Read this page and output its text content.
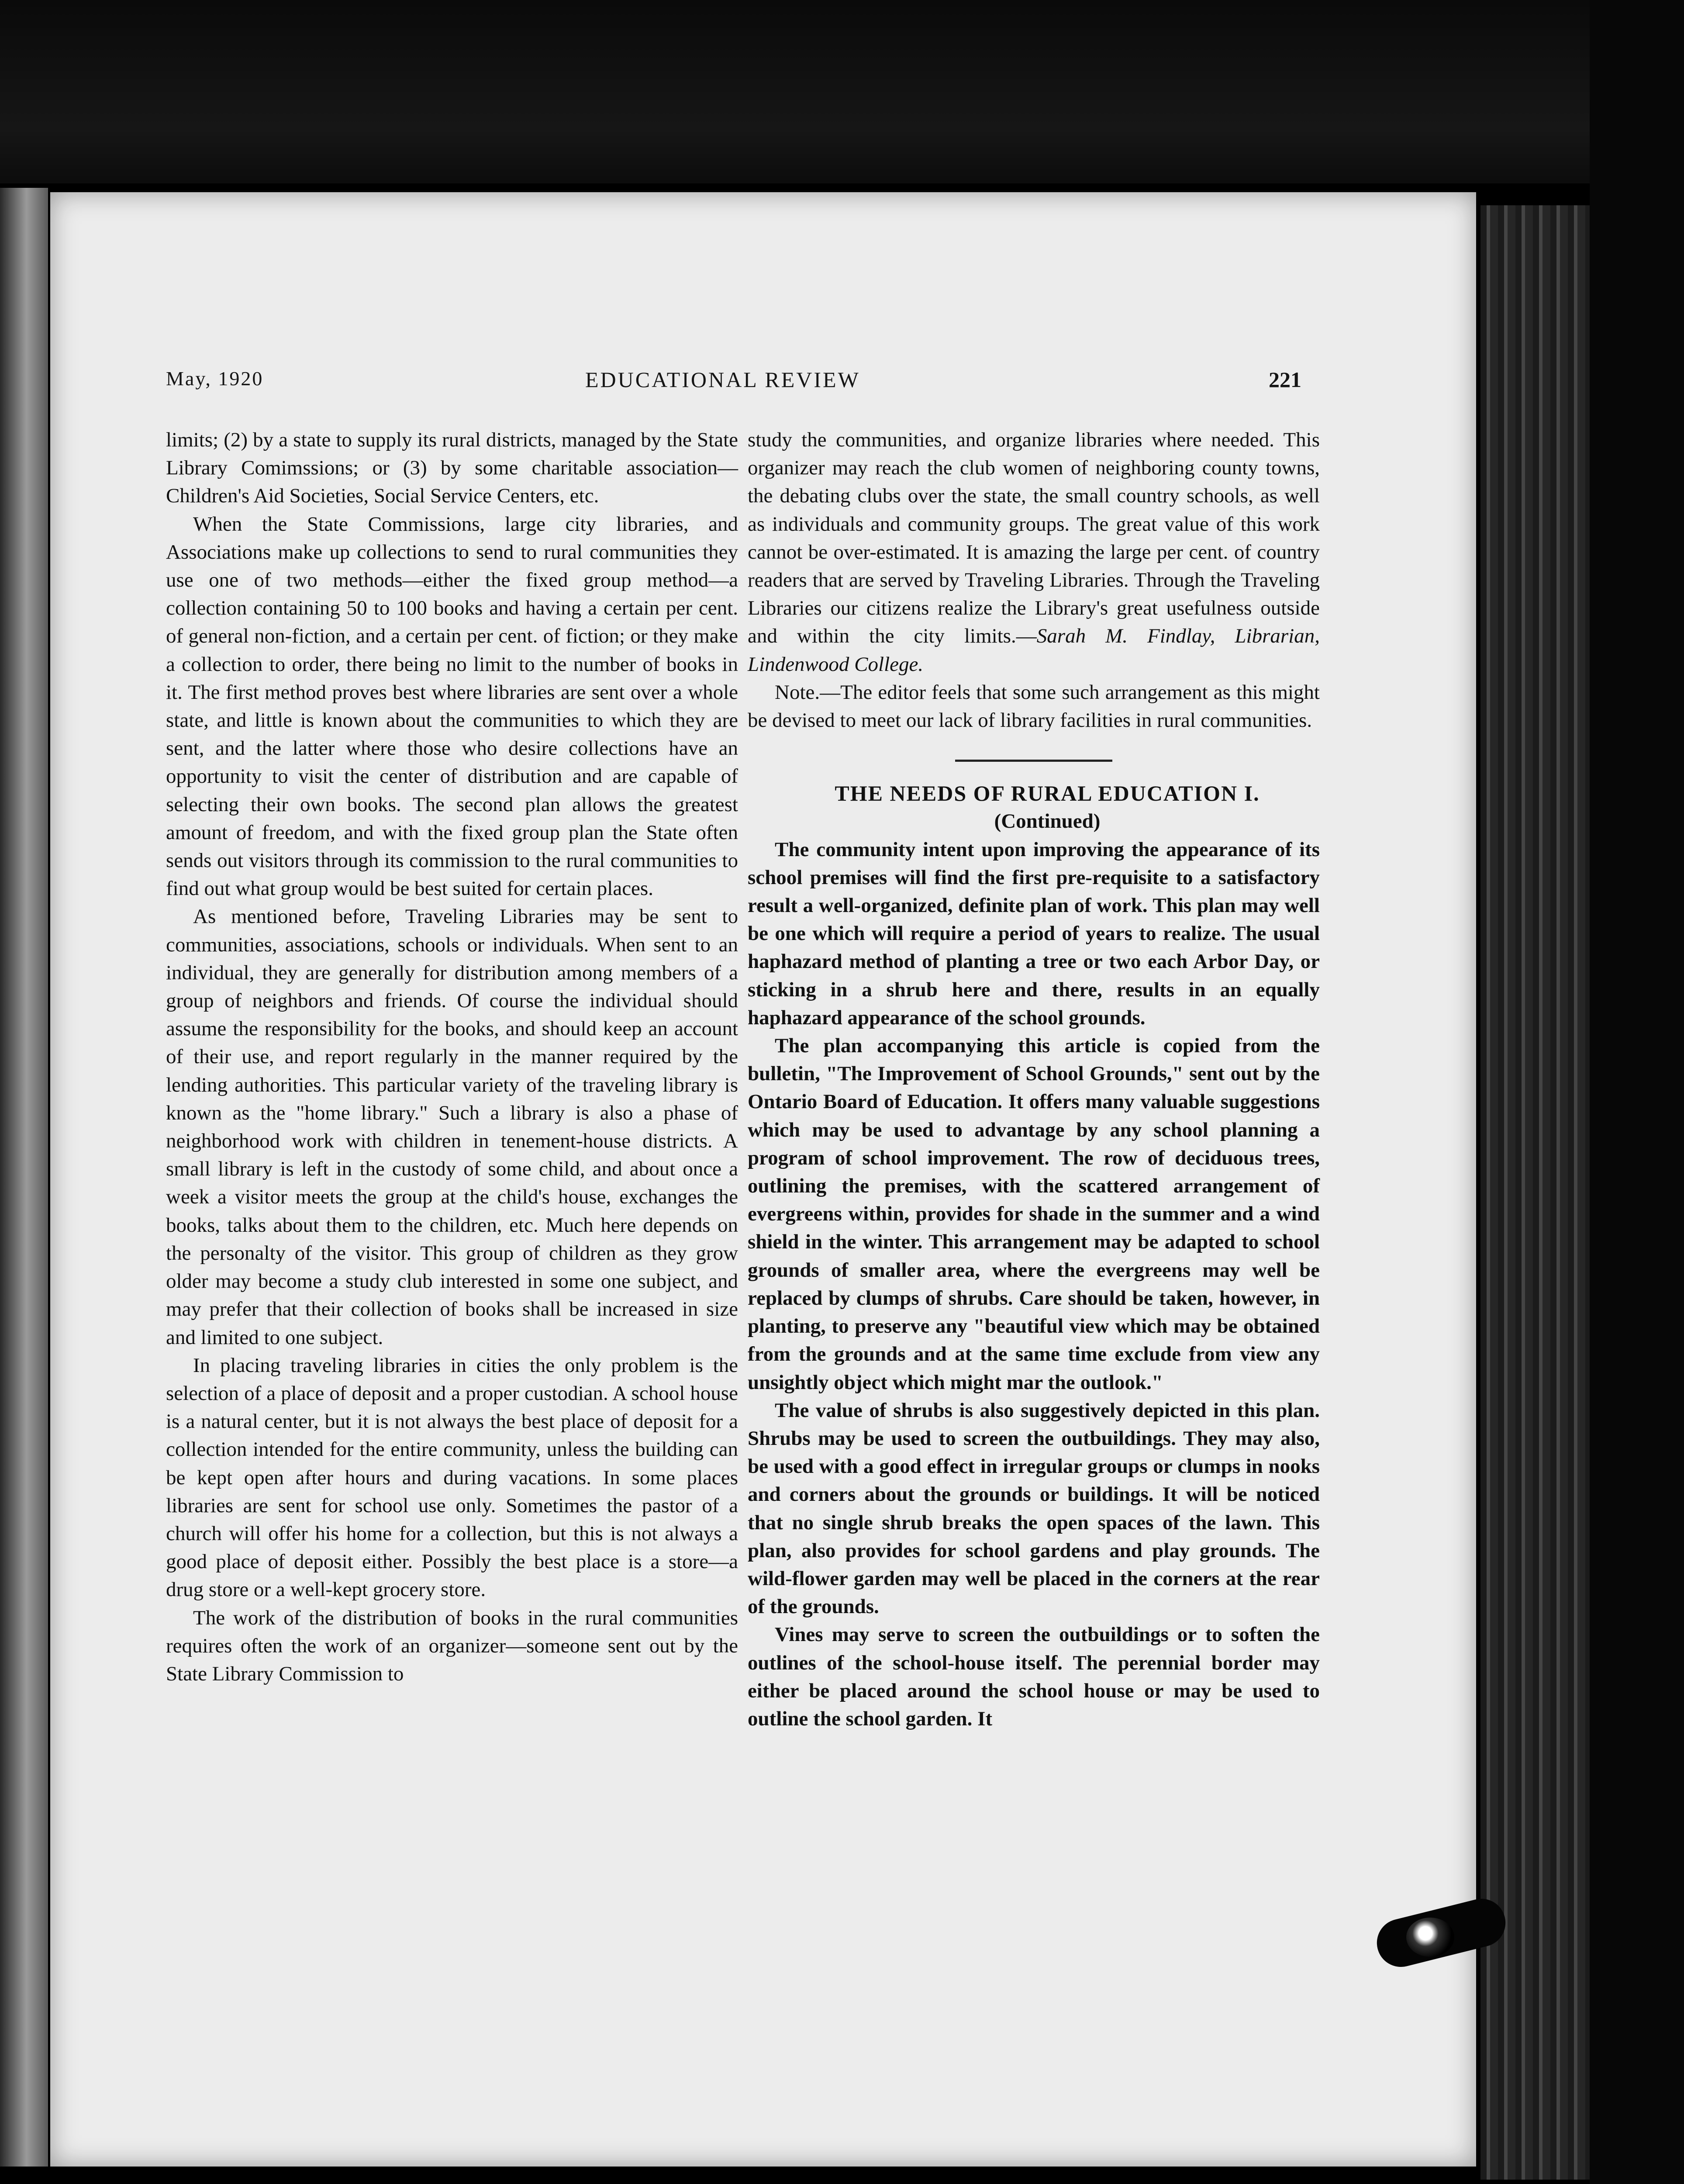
May, 1920	EDUCATIONAL REVIEW	221

limits; (2) by a state to supply its rural districts, managed by the State Library Comimssions; or (3) by some charitable association— Children's Aid Societies, Social Service Centers, etc.

When the State Commissions, large city libraries, and Associations make up collections to send to rural communities they use one of two methods—either the fixed group method—a collection containing 50 to 100 books and having a certain per cent. of general non-fiction, and a certain per cent. of fiction; or they make a collection to order, there being no limit to the number of books in it. The first method proves best where libraries are sent over a whole state, and little is known about the communities to which they are sent, and the latter where those who desire collections have an opportunity to visit the center of distribution and are capable of selecting their own books. The second plan allows the greatest amount of freedom, and with the fixed group plan the State often sends out visitors through its commission to the rural communities to find out what group would be best suited for certain places.

As mentioned before, Traveling Libraries may be sent to communities, associations, schools or individuals. When sent to an individual, they are generally for distribution among members of a group of neighbors and friends. Of course the individual should assume the responsibility for the books, and should keep an account of their use, and report regularly in the manner required by the lending authorities. This particular variety of the traveling library is known as the "home library." Such a library is also a phase of neighborhood work with children in tenement-house districts. A small library is left in the custody of some child, and about once a week a visitor meets the group at the child's house, exchanges the books, talks about them to the children, etc. Much here depends on the personalty of the visitor. This group of children as they grow older may become a study club interested in some one subject, and may prefer that their collection of books shall be increased in size and limited to one subject.

In placing traveling libraries in cities the only problem is the selection of a place of deposit and a proper custodian. A school house is a natural center, but it is not always the best place of deposit for a collection intended for the entire community, unless the building can be kept open after hours and during vacations. In some places libraries are sent for school use only. Sometimes the pastor of a church will offer his home for a collection, but this is not always a good place of deposit either. Possibly the best place is a store—a drug store or a well-kept grocery store.

The work of the distribution of books in the rural communities requires often the work of an organizer—someone sent out by the State Library Commission to

study the communities, and organize libraries where needed. This organizer may reach the club women of neighboring county towns, the debating clubs over the state, the small country schools, as well as individuals and community groups. The great value of this work cannot be over-estimated. It is amazing the large per cent. of country readers that are served by Traveling Libraries. Through the Traveling Libraries our citizens realize the Library's great usefulness outside and within the city limits.—Sarah M. Findlay, Librarian, Lindenwood College.

Note.—The editor feels that some such arrangement as this might be devised to meet our lack of library facilities in rural communities.

THE NEEDS OF RURAL EDUCATION I.

(Continued)

The community intent upon improving the appearance of its school premises will find the first pre-requisite to a satisfactory result a well-organized, definite plan of work. This plan may well be one which will require a period of years to realize. The usual haphazard method of planting a tree or two each Arbor Day, or sticking in a shrub here and there, results in an equally haphazard appearance of the school grounds.

The plan accompanying this article is copied from the bulletin, "The Improvement of School Grounds," sent out by the Ontario Board of Education. It offers many valuable suggestions which may be used to advantage by any school planning a program of school improvement. The row of deciduous trees, outlining the premises, with the scattered arrangement of evergreens within, provides for shade in the summer and a wind shield in the winter. This arrangement may be adapted to school grounds of smaller area, where the evergreens may well be replaced by clumps of shrubs. Care should be taken, however, in planting, to preserve any "beautiful view which may be obtained from the grounds and at the same time exclude from view any unsightly object which might mar the outlook."

The value of shrubs is also suggestively depicted in this plan. Shrubs may be used to screen the outbuildings. They may also, be used with a good effect in irregular groups or clumps in nooks and corners about the grounds or buildings. It will be noticed that no single shrub breaks the open spaces of the lawn. This plan, also provides for school gardens and play grounds. The wild-flower garden may well be placed in the corners at the rear of the grounds.

Vines may serve to screen the outbuildings or to soften the outlines of the school-house itself. The perennial border may either be placed around the school house or may be used to outline the school garden. It
